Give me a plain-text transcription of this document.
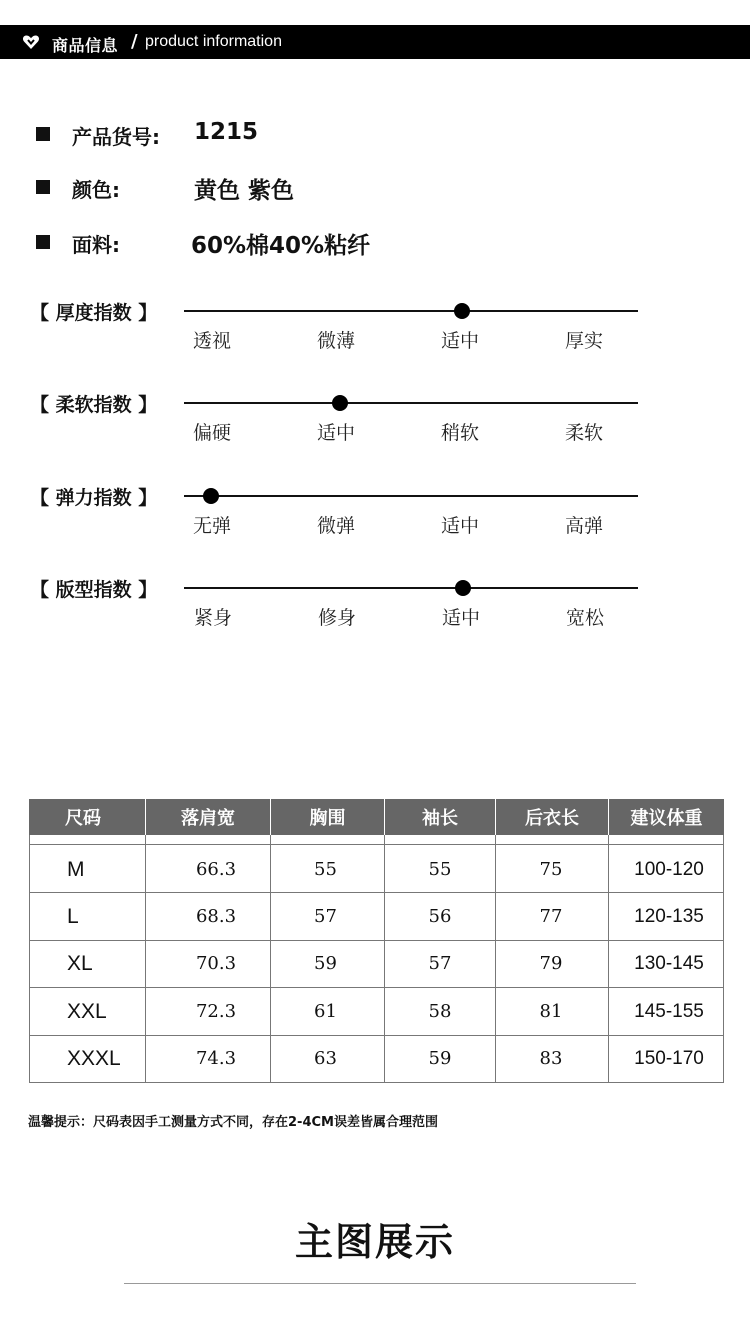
商品信息 / product information
产品货号: 1215
颜色:	黄色 紫色
面料:	60%棉40%粘纤
【 厚度指数 】
透视	微薄	适中	厚实
【 柔软指数 】
偏硬	适中	稍软	柔软
【 弹力指数 】
无弹	微弹	适中	高弹
【 版型指数 】
紧身	修身	适中	宽松
尺码	落肩宽	胸围	袖长	后衣长	建议体重
M	66.3	55	55	75	100-120
L	68.3	57	56	77	120-135
XL	70.3	59	57	79	130-145
XXL	72.3	61	58	81	145-155
XXXL	74.3	63	59	83	150-170
温馨提示：尺码表因手工测量方式不同，存在2-4CM误差皆属合理范围
主图展示
